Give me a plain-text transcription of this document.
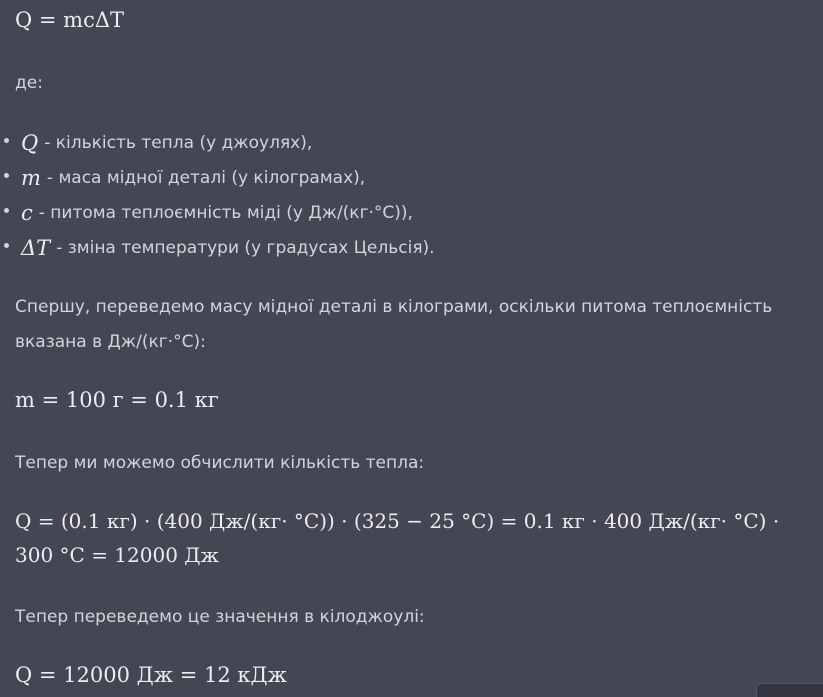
Q = mcΔT
де:
Q - кількість тепла (у джоулях),
m - маса мідної деталі (у кілограмах),
c - питома теплоємність міді (у Дж/(кг·°C)),
ΔT - зміна температури (у градусах Цельсія).
Спершу, переведемо масу мідної деталі в кілограми, оскільки питома теплоємність
вказана в Дж/(кг·°C):
m = 100 г = 0.1 кг
Тепер ми можемо обчислити кількість тепла:
Q = (0.1 кг) · (400 Дж/(кг· °C)) · (325 − 25 °C) = 0.1 кг · 400 Дж/(кг· °C) ·
300 °C = 12000 Дж
Тепер переведемо це значення в кілоджоулі:
Q = 12000 Дж = 12 кДж
